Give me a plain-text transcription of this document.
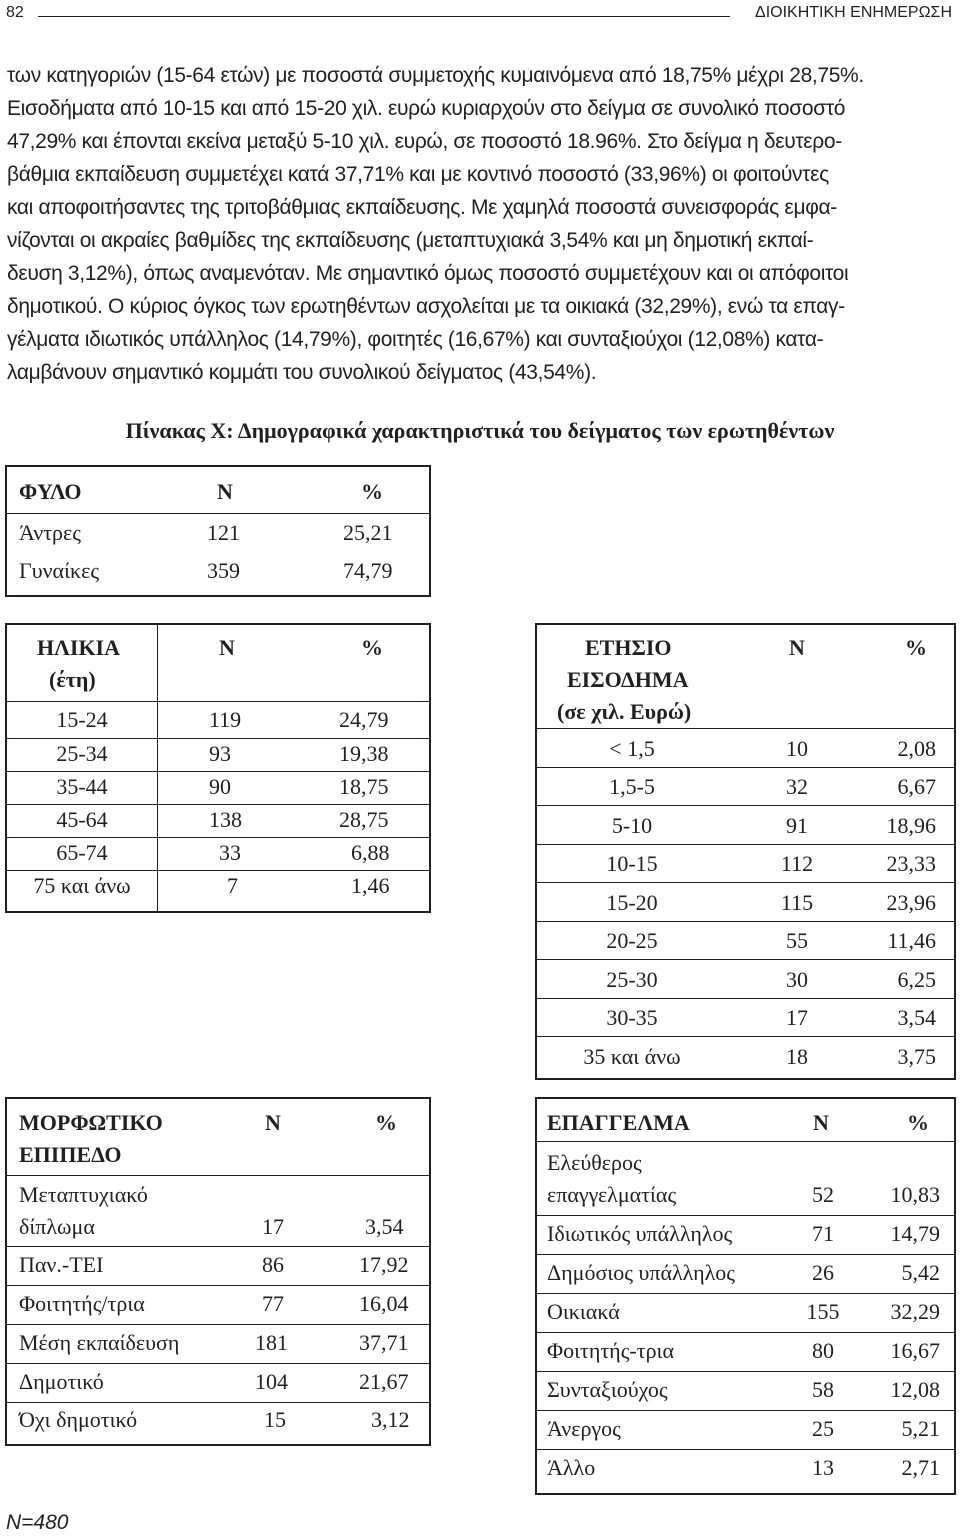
82	ΔΙΟΙΚΗΤΙΚΗ ΕΝΗΜΕΡΩΣΗ
των κατηγοριών (15-64 ετών) με ποσοστά συμμετοχής κυμαινόμενα από 18,75% μέχρι 28,75%.
Εισοδήματα από 10-15 και από 15-20 χιλ. ευρώ κυριαρχούν στο δείγμα σε συνολικό ποσοστό
47,29% και έπονται εκείνα μεταξύ 5-10 χιλ. ευρώ, σε ποσοστό 18.96%. Στο δείγμα η δευτερο-
βάθμια εκπαίδευση συμμετέχει κατά 37,71% και με κοντινό ποσοστό (33,96%) οι φοιτούντες
και αποφοιτήσαντες της τριτοβάθμιας εκπαίδευσης. Με χαμηλά ποσοστά συνεισφοράς εμφα-
νίζονται οι ακραίες βαθμίδες της εκπαίδευσης (μεταπτυχιακά 3,54% και μη δημοτική εκπαί-
δευση 3,12%), όπως αναμενόταν. Με σημαντικό όμως ποσοστό συμμετέχουν και οι απόφοιτοι
δημοτικού. Ο κύριος όγκος των ερωτηθέντων ασχολείται με τα οικιακά (32,29%), ενώ τα επαγ-
γέλματα ιδιωτικός υπάλληλος (14,79%), φοιτητές (16,67%) και συνταξιούχοι (12,08%) κατα-
λαμβάνουν σημαντικό κομμάτι του συνολικού δείγματος (43,54%).
Πίνακας Χ: Δημογραφικά χαρακτηριστικά του δείγματος των ερωτηθέντων
ΦΥΛΟ	Ν	%
Άντρες	121	25,21
Γυναίκες	359	74,79
ΗΛΙΚΙΑ	Ν	%
(έτη)
15-24	119	24,79
25-34	93	19,38
35-44	90	18,75
45-64	138	28,75
65-74	33	6,88
75 και άνω	7	1,46
ΕΤΗΣΙΟ	Ν	%
ΕΙΣΟΔΗΜΑ
(σε χιλ. Ευρώ)
< 1,5	10	2,08
1,5-5	32	6,67
5-10	91	18,96
10-15	112	23,33
15-20	115	23,96
20-25	55	11,46
25-30	30	6,25
30-35	17	3,54
35 και άνω	18	3,75
ΜΟΡΦΩΤΙΚΟ	Ν	%
ΕΠΙΠΕΔΟ
Μεταπτυχιακό
δίπλωμα	17	3,54
Παν.-ΤΕΙ	86	17,92
Φοιτητής/τρια	77	16,04
Μέση εκπαίδευση	181	37,71
Δημοτικό	104	21,67
Όχι δημοτικό	15	3,12
ΕΠΑΓΓΕΛΜΑ	Ν	%
Ελεύθερος
επαγγελματίας	52	10,83
Ιδιωτικός υπάλληλος	71	14,79
Δημόσιος υπάλληλος	26	5,42
Οικιακά	155	32,29
Φοιτητής-τρια	80	16,67
Συνταξιούχος	58	12,08
Άνεργος	25	5,21
Άλλο	13	2,71
Ν=480
